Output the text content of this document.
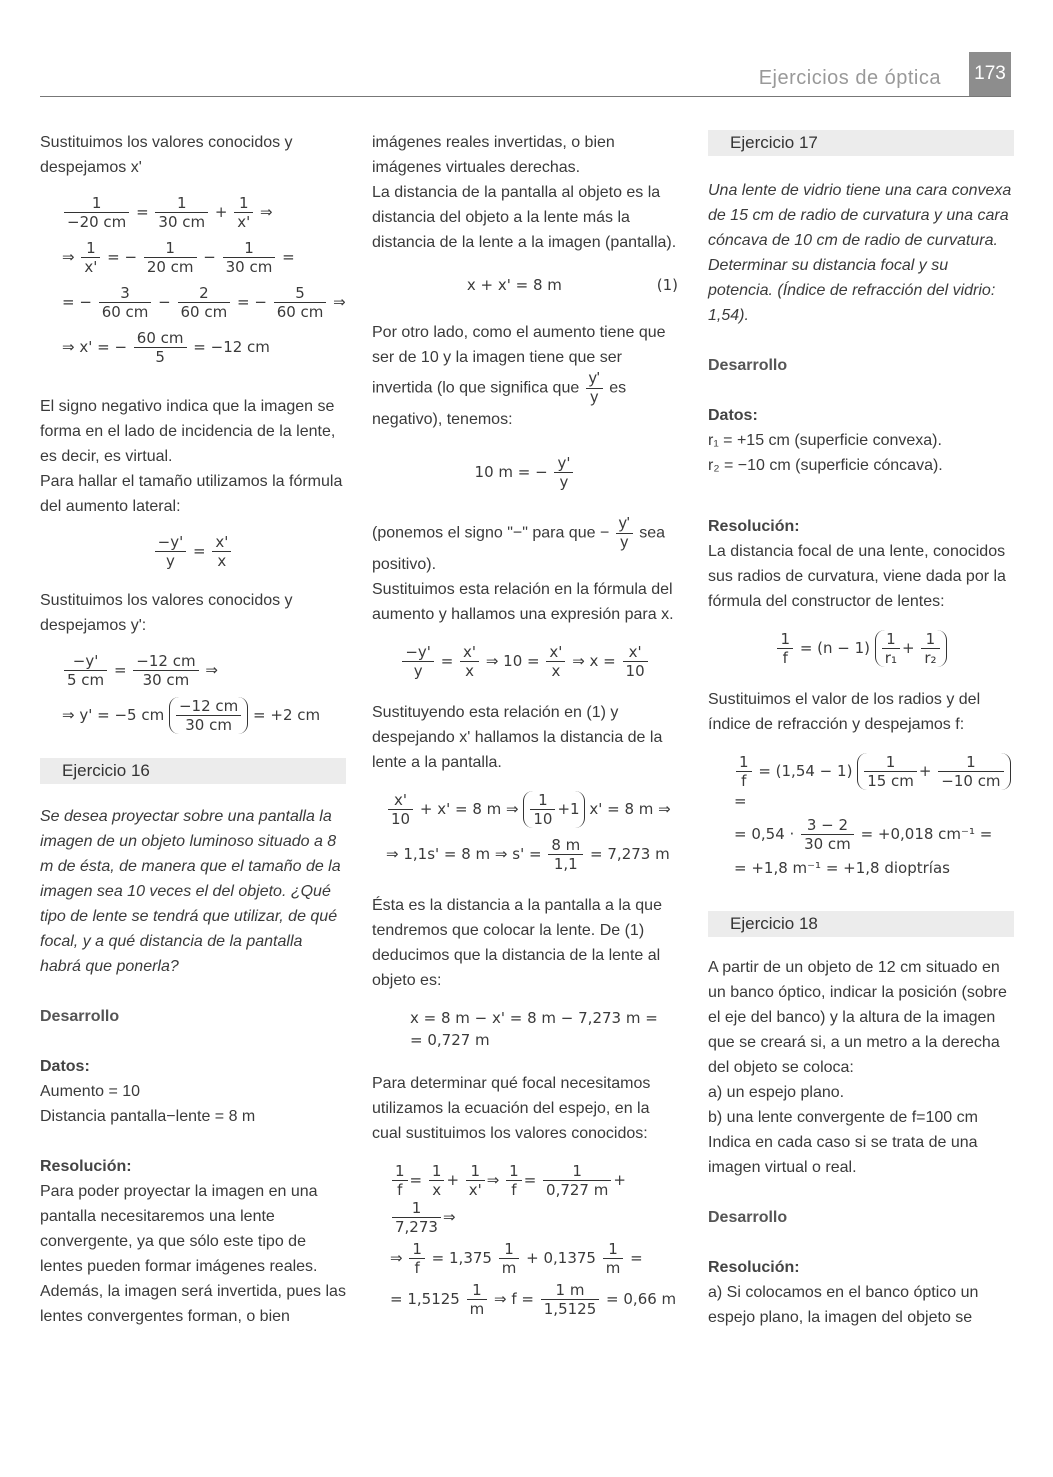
Ejercicios de óptica 173

Sustituimos los valores conocidos y despejamos x'

$\frac{1}{-20 cm} = \frac{1}{30 cm} + \frac{1}{x'}$ ⇒
⇒ $\frac{1}{x'}$ = − $\frac{1}{20 cm} - \frac{1}{30 cm}$ =
= − $\frac{3}{60 cm} - \frac{2}{60 cm}$ = − $\frac{5}{60 cm}$ ⇒
⇒ x' = − $\frac{60 cm}{5} = -12$ cm

El signo negativo indica que la imagen se forma en el lado de incidencia de la lente, es decir, es virtual.

Para hallar el tamaño utilizamos la fórmula del aumento lateral:

$\frac{-y'}{y} = \frac{x'}{x}$

Sustituimos los valores conocidos y despejamos y':

$\frac{-y'}{5 cm} = \frac{-12 cm}{30 cm}$ ⇒
⇒ y' = −5 cm $\frac{-12 cm}{30 cm} = +2$ cm
Ejercicio 16

Se desea proyectar sobre una pantalla la imagen de un objeto luminoso situado a 8 m de ésta, de manera que el tamaño de la imagen sea 10 veces el del objeto. ¿Qué tipo de lente se tendrá que utilizar, de qué focal, y a qué distancia de la pantalla habrá que ponerla?

Desarrollo

Datos:

Aumento = 10

Distancia pantalla−lente = 8 m

Resolución:

Para poder proyectar la imagen en una pantalla necesitaremos una lente convergente, ya que sólo este tipo de lentes pueden formar imágenes reales. Además, la imagen será invertida, pues las lentes convergentes forman, o bien

imágenes reales invertidas, o bien imágenes virtuales derechas.

La distancia de la pantalla al objeto es la distancia del objeto a la lente más la distancia de la lente a la imagen (pantalla).

x + x' = 8 m	(1)

Por otro lado, como el aumento tiene que ser de 10 y la imagen tiene que ser invertida (lo que significa que $\frac{y'}{y}$ es negativo), tenemos:

10 m = − $\frac{y'}{y}$

(ponemos el signo "−" para que − $\frac{y'}{y}$ sea positivo).

Sustituimos esta relación en la fórmula del aumento y hallamos una expresión para x.

$\frac{-y'}{y} = \frac{x'}{x}$ ⇒ $10 = \frac{x'}{x}$ ⇒ $x = \frac{x'}{10}$

Sustituyendo esta relación en (1) y despejando x' hallamos la distancia de la lente a la pantalla.

$\frac{x'}{10} + x' = 8$ m ⇒ $\frac{1}{10} +1$ x' = 8 m ⇒
⇒ 1,1s' = 8 m ⇒ $s' = \frac{8 m}{1,1} = 7,273$ m

Ésta es la distancia a la pantalla a la que tendremos que colocar la lente. De (1) deducimos que la distancia de la lente al objeto es:

x = 8 m − x' = 8 m − 7,273 m =
= 0,727 m

Para determinar qué focal necesitamos utilizamos la ecuación del espejo, en la cual sustituimos los valores conocidos:

$\frac{1}{f} = \frac{1}{x} + \frac{1}{x'}$ ⇒ $\frac{1}{f} = \frac{1}{0,727 m}$ +
$\frac{1}{7,273}$ ⇒
⇒ $\frac{1}{f} = 1,375 \frac{1}{m} + 0,1375 \frac{1}{m}$ =
= $1,5125 \frac{1}{m}$ ⇒ $f = \frac{1 m}{1,5125} = 0,66$ m
Ejercicio 17

Una lente de vidrio tiene una cara convexa de 15 cm de radio de curvatura y una cara cóncava de 10 cm de radio de curvatura. Determinar su distancia focal y su potencia. (Índice de refracción del vidrio: 1,54).

Desarrollo

Datos:

r₁ = +15 cm (superficie convexa).

r₂ = −10 cm (superficie cóncava).

Resolución:

La distancia focal de una lente, conocidos sus radios de curvatura, viene dada por la fórmula del constructor de lentes:

$\frac{1}{f} = (n - 1) \frac{1}{\text{r₁}} + \frac{1}{\text{r₂}}$

Sustituimos el valor de los radios y del índice de refracción y despejamos f:

$\frac{1}{f} = (1,54 - 1) \frac{1}{15 cm} + \frac{1}{-10 cm}$
=
= $0,54 \cdot \frac{3 - 2}{30 cm} = +0,018$ cm⁻¹ =
= +1,8 m⁻¹ = +1,8 dioptrías
Ejercicio 18

A partir de un objeto de 12 cm situado en un banco óptico, indicar la posición (sobre el eje del banco) y la altura de la imagen que se creará si, a un metro a la derecha del objeto se coloca:

a) un espejo plano.

b) una lente convergente de f=100 cm

Indica en cada caso si se trata de una imagen virtual o real.

Desarrollo

Resolución:

a) Si colocamos en el banco óptico un espejo plano, la imagen del objeto se
